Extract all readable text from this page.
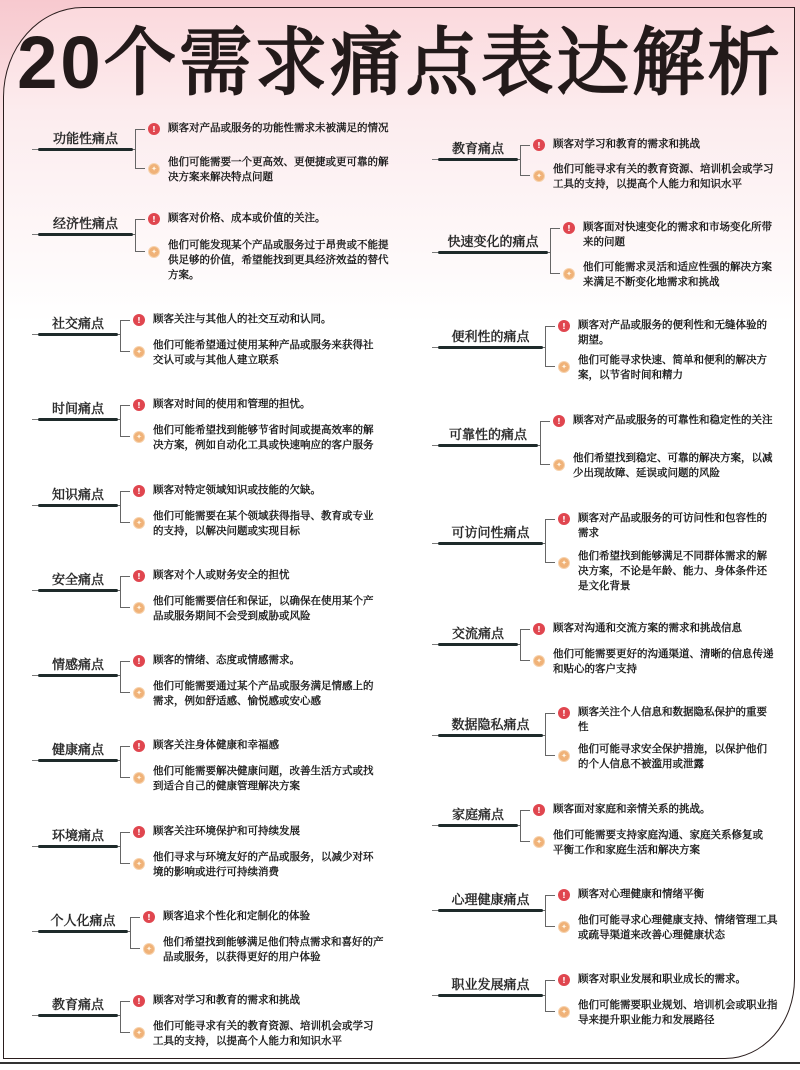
20个需求痛点表达解析
功能性痛点
!	顾客对产品或服务的功能性需求未被满足的情况
✦
他们可能需要一个更高效、更便捷或更可靠的解决方案来解决特点问题
经济性痛点	!	顾客对价格、成本或价值的关注。
✦
他们可能发现某个产品或服务过于昂贵或不能提供足够的价值，希望能找到更具经济效益的替代方案。
社交痛点	!	顾客关注与其他人的社交互动和认同。
✦
他们可能希望通过使用某种产品或服务来获得社交认可或与其他人建立联系
时间痛点	!	顾客对时间的使用和管理的担忧。
✦
他们可能希望找到能够节省时间或提高效率的解决方案，例如自动化工具或快速响应的客户服务
知识痛点	!	顾客对特定领域知识或技能的欠缺。
✦
他们可能需要在某个领域获得指导、教育或专业的支持，以解决问题或实现目标
安全痛点	!	顾客对个人或财务安全的担忧
✦
他们可能需要信任和保证，以确保在使用某个产品或服务期间不会受到威胁或风险
情感痛点	!	顾客的情绪、态度或情感需求。
✦
他们可能需要通过某个产品或服务满足情感上的需求，例如舒适感、愉悦感或安心感
健康痛点	!	顾客关注身体健康和幸福感
✦
他们可能需要解决健康问题，改善生活方式或找到适合自己的健康管理解决方案
环境痛点	!	顾客关注环境保护和可持续发展
✦
他们寻求与环境友好的产品或服务，以减少对环境的影响或进行可持续消费
个人化痛点	!	顾客追求个性化和定制化的体验
✦
他们希望找到能够满足他们特点需求和喜好的产品或服务，以获得更好的用户体验
教育痛点	!	顾客对学习和教育的需求和挑战
✦
他们可能寻求有关的教育资源、培训机会或学习工具的支持，以提高个人能力和知识水平
教育痛点	!	顾客对学习和教育的需求和挑战
✦
他们可能寻求有关的教育资源、培训机会或学习工具的支持，以提高个人能力和知识水平
快速变化的痛点
!	顾客面对快速变化的需求和市场变化所带来的问题
✦
他们可能需求灵活和适应性强的解决方案来满足不断变化地需求和挑战
便利性的痛点
!	顾客对产品或服务的便利性和无缝体验的期望。
✦
他们可能寻求快速、简单和便利的解决方案，以节省时间和精力
可靠性的痛点
!	顾客对产品或服务的可靠性和稳定性的关注
✦
他们希望找到稳定、可靠的解决方案，以减少出现故障、延误或问题的风险
可访问性痛点
!	顾客对产品或服务的可访问性和包容性的需求
✦
他们希望找到能够满足不同群体需求的解决方案，不论是年龄、能力、身体条件还是文化背景
交流痛点	!	顾客对沟通和交流方案的需求和挑战信息
✦
他们可能需要更好的沟通渠道、清晰的信息传递和贴心的客户支持
数据隐私痛点
!	顾客关注个人信息和数据隐私保护的重要性
✦
他们可能寻求安全保护措施，以保护他们的个人信息不被滥用或泄露
家庭痛点	!	顾客面对家庭和亲情关系的挑战。
✦
他们可能需要支持家庭沟通、家庭关系修复或平衡工作和家庭生活和解决方案
心理健康痛点	!	顾客对心理健康和情绪平衡
✦
他们可能寻求心理健康支持、情绪管理工具或疏导渠道来改善心理健康状态
职业发展痛点	!	顾客对职业发展和职业成长的需求。
✦
他们可能需要职业规划、培训机会或职业指导来提升职业能力和发展路径
